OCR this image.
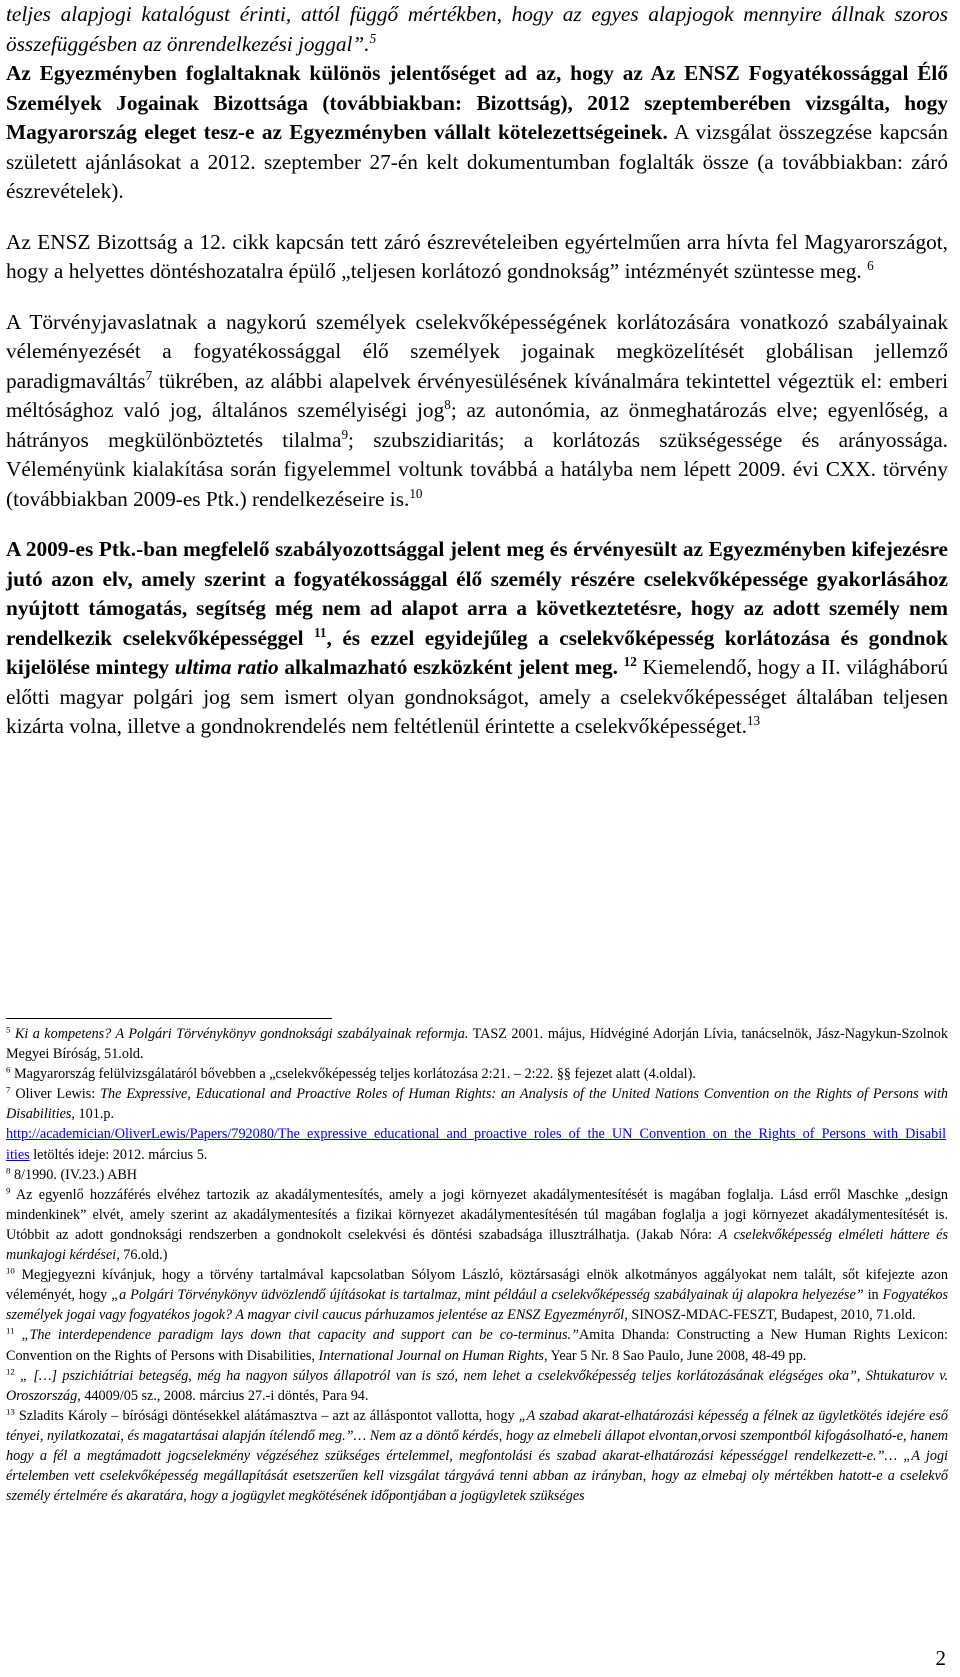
teljes alapjogi katalógust érinti, attól függő mértékben, hogy az egyes alapjogok mennyire állnak szoros összefüggésben az önrendelkezési joggal”.$^5$

Az Egyezményben foglaltaknak különös jelentőséget ad az, hogy az Az ENSZ Fogyatékossággal Élő Személyek Jogainak Bizottsága (továbbiakban: Bizottság), 2012 szeptemberében vizsgálta, hogy Magyarország eleget tesz-e az Egyezményben vállalt kötelezettségeinek. A vizsgálat összegzése kapcsán született ajánlásokat a 2012. szeptember 27-én kelt dokumentumban foglalták össze (a továbbiakban: záró észrevételek).

Az ENSZ Bizottság a 12. cikk kapcsán tett záró észrevételeiben egyértelműen arra hívta fel Magyarországot, hogy a helyettes döntéshozatalra épülő „teljesen korlátozó gondnokság” intézményét szüntesse meg. $^6$

A Törvényjavaslatnak a nagykorú személyek cselekvőképességének korlátozására vonatkozó szabályainak véleményezését a fogyatékossággal élő személyek jogainak megközelítését globálisan jellemző paradigmaváltás$^7$ tükrében, az alábbi alapelvek érvényesülésének kívánalmára tekintettel végeztük el: emberi méltósághoz való jog, általános személyiségi jog$^8$; az autonómia, az önmeghatározás elve; egyenlőség, a hátrányos megkülönböztetés tilalma$^9$; szubszidiaritás; a korlátozás szükségessége és arányossága. Véleményünk kialakítása során figyelemmel voltunk továbbá a hatályba nem lépett 2009. évi CXX. törvény (továbbiakban 2009-es Ptk.) rendelkezéseire is.$^{10}$

A 2009-es Ptk.-ban megfelelő szabályozottsággal jelent meg és érvényesült az Egyezményben kifejezésre jutó azon elv, amely szerint a fogyatékossággal élő személy részére cselekvőképessége gyakorlásához nyújtott támogatás, segítség még nem ad alapot arra a következtetésre, hogy az adott személy nem rendelkezik cselekvőképességgel $^{11}$, és ezzel egyidejűleg a cselekvőképesség korlátozása és gondnok kijelölése mintegy ultima ratio alkalmazható eszközként jelent meg. $^{12}$ Kiemelendő, hogy a II. világháború előtti magyar polgári jog sem ismert olyan gondnokságot, amely a cselekvőképességet általában teljesen kizárta volna, illetve a gondnokrendelés nem feltétlenül érintette a cselekvőképességet.$^{13}$

$^5$ Ki a kompetens? A Polgári Törvénykönyv gondnoksági szabályainak reformja. TASZ 2001. május, Hídvéginé Adorján Lívia, tanácselnök, Jász-Nagykun-Szolnok Megyei Bíróság, 51.old.

$^6$ Magyarország felülvizsgálatáról bővebben a „cselekvőképesség teljes korlátozása 2:21. – 2:22. §§ fejezet alatt (4.oldal).

$^7$ Oliver Lewis: The Expressive, Educational and Proactive Roles of Human Rights: an Analysis of the United Nations Convention on the Rights of Persons with Disabilities, 101.p.
http://academician/OliverLewis/Papers/792080/The_expressive_educational_and_proactive_roles_of_the_UN_Convention_on_the_Rights_of_Persons_with_Disabilities letöltés ideje: 2012. március 5.

$^8$ 8/1990. (IV.23.) ABH

$^9$ Az egyenlő hozzáférés elvéhez tartozik az akadálymentesítés, amely a jogi környezet akadálymentesítését is magában foglalja. Lásd erről Maschke „design mindenkinek” elvét, amely szerint az akadálymentesítés a fizikai környezet akadálymentesítésén túl magában foglalja a jogi környezet akadálymentesítését is. Utóbbit az adott gondnoksági rendszerben a gondnokolt cselekvési és döntési szabadsága illusztrálhatja. (Jakab Nóra: A cselekvőképesség elméleti háttere és munkajogi kérdései, 76.old.)

$^{10}$ Megjegyezni kívánjuk, hogy a törvény tartalmával kapcsolatban Sólyom László, köztársasági elnök alkotmányos aggályokat nem talált, sőt kifejezte azon véleményét, hogy „a Polgári Törvénykönyv üdvözlendő újításokat is tartalmaz, mint például a cselekvőképesség szabályainak új alapokra helyezése” in Fogyatékos személyek jogai vagy fogyatékos jogok? A magyar civil caucus párhuzamos jelentése az ENSZ Egyezményről, SINOSZ-MDAC-FESZT, Budapest, 2010, 71.old.

$^{11}$ „The interdependence paradigm lays down that capacity and support can be co-terminus.”Amita Dhanda: Constructing a New Human Rights Lexicon: Convention on the Rights of Persons with Disabilities, International Journal on Human Rights, Year 5 Nr. 8 Sao Paulo, June 2008, 48-49 pp.

$^{12}$ „ […] pszichiátriai betegség, még ha nagyon súlyos állapotról van is szó, nem lehet a cselekvőképesség teljes korlátozásának elégséges oka”, Shtukaturov v. Oroszország, 44009/05 sz., 2008. március 27.-i döntés, Para 94.

$^{13}$ Szladits Károly – bírósági döntésekkel alátámasztva – azt az álláspontot vallotta, hogy „A szabad akarat-elhatározási képesség a félnek az ügyletkötés idejére eső tényei, nyilatkozatai, és magatartásai alapján ítélendő meg.”… Nem az a döntő kérdés, hogy az elmebeli állapot elvontan,orvosi szempontból kifogásolható-e, hanem hogy a fél a megtámadott jogcselekmény végzéséhez szükséges értelemmel, megfontolási és szabad akarat-elhatározási képességgel rendelkezett-e.”… „A jogi értelemben vett cselekvőképesség megállapítását esetszerűen kell vizsgálat tárgyává tenni abban az irányban, hogy az elmebaj oly mértékben hatott-e a cselekvő személy értelmére és akaratára, hogy a jogügylet megkötésének időpontjában a jogügyletek szükséges

2
